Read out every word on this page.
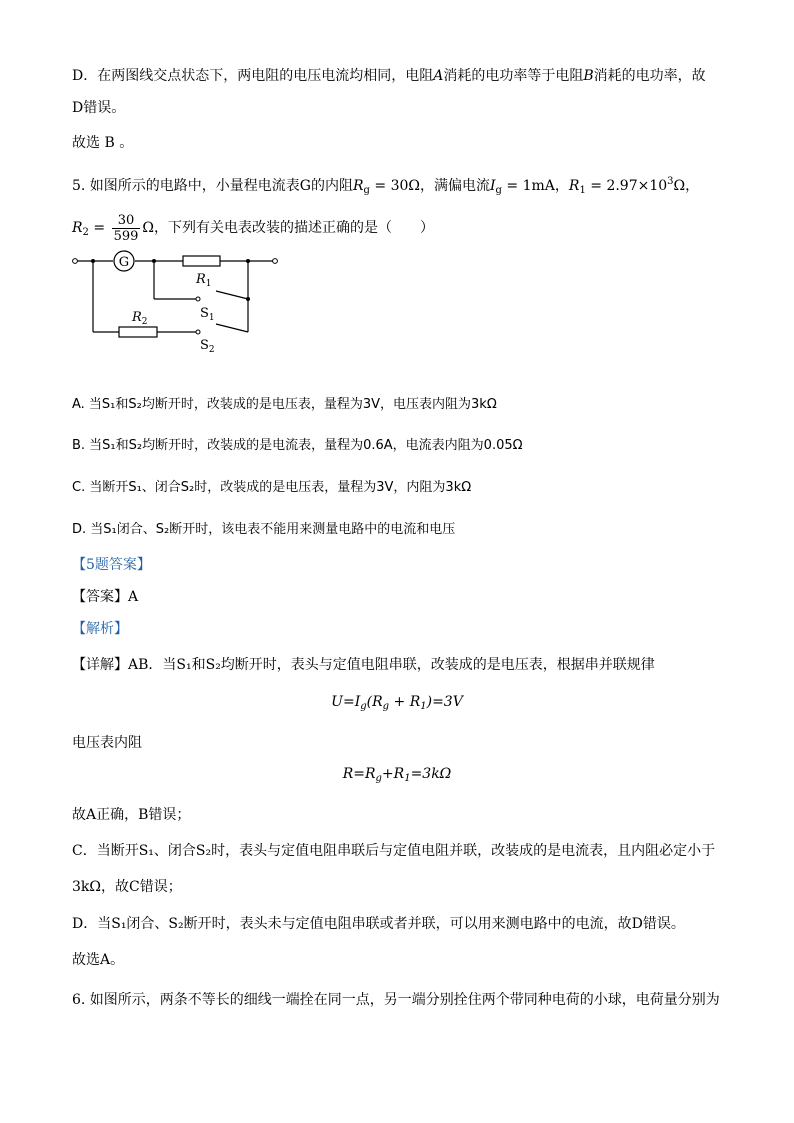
D．在两图线交点状态下，两电阻的电压电流均相同，电阻A消耗的电功率等于电阻B消耗的电功率，故
D错误。
故选 B 。
5. 如图所示的电路中，小量程电流表G的内阻$R_g = 30\Omega$，满偏电流$I_g = 1mA$，$R_1 = 2.97\times 10^3\Omega$，
$R_2 = \frac{30}{599}$ Ω，下列有关电表改装的描述正确的是（　　）
G
$R_1$
$R_2$
$S_1$
$S_2$
A. 当S₁和S₂均断开时，改装成的是电压表，量程为3V，电压表内阻为3kΩ
B. 当S₁和S₂均断开时，改装成的是电流表，量程为0.6A，电流表内阻为0.05Ω
C. 当断开S₁、闭合S₂时，改装成的是电压表，量程为3V，内阻为3kΩ
D. 当S₁闭合、S₂断开时，该电表不能用来测量电路中的电流和电压
【5题答案】
【答案】A
【解析】
【详解】AB．当S₁和S₂均断开时，表头与定值电阻串联，改装成的是电压表，根据串并联规律
$U=I_g(R_g + R_1)=3V$
电压表内阻
$R=R_g+R_1=3k\Omega$
故A正确，B错误；
C．当断开S₁、闭合S₂时，表头与定值电阻串联后与定值电阻并联，改装成的是电流表，且内阻必定小于
3kΩ，故C错误；
D．当S₁闭合、S₂断开时，表头未与定值电阻串联或者并联，可以用来测电路中的电流，故D错误。
故选A。
6. 如图所示，两条不等长的细线一端拴在同一点，另一端分别拴住两个带同种电荷的小球，电荷量分别为
